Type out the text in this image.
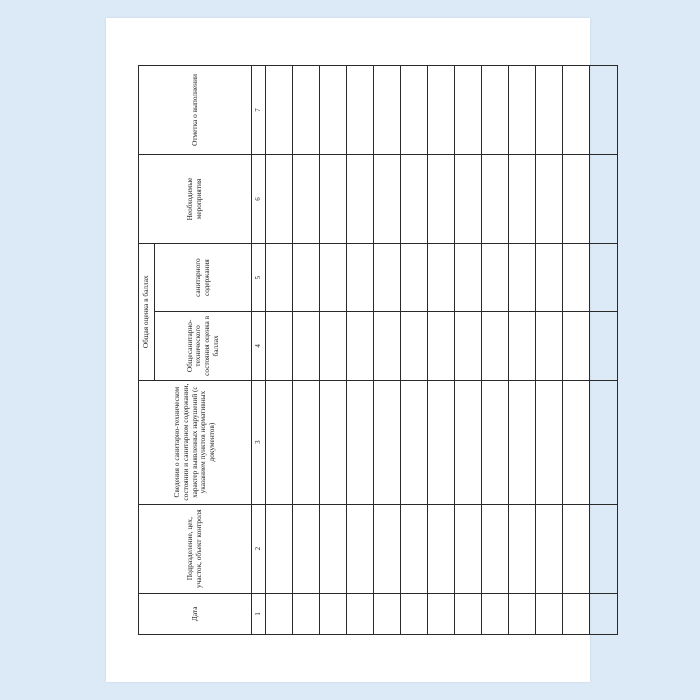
Дата	Подразделение, цех, участок, объект контроля	Сведения о санитарно-техническом состоянии и санитарном содержании, характер выявленных нарушений (с указанием пунктов нормативных документов)	Общая оценка в баллах		Необходимые мероприятия	Отметка о выполнении
			Общесанитарно-технического состояния оценка в баллах	санитарного содержания		
1	2	3	4	5	6	7
